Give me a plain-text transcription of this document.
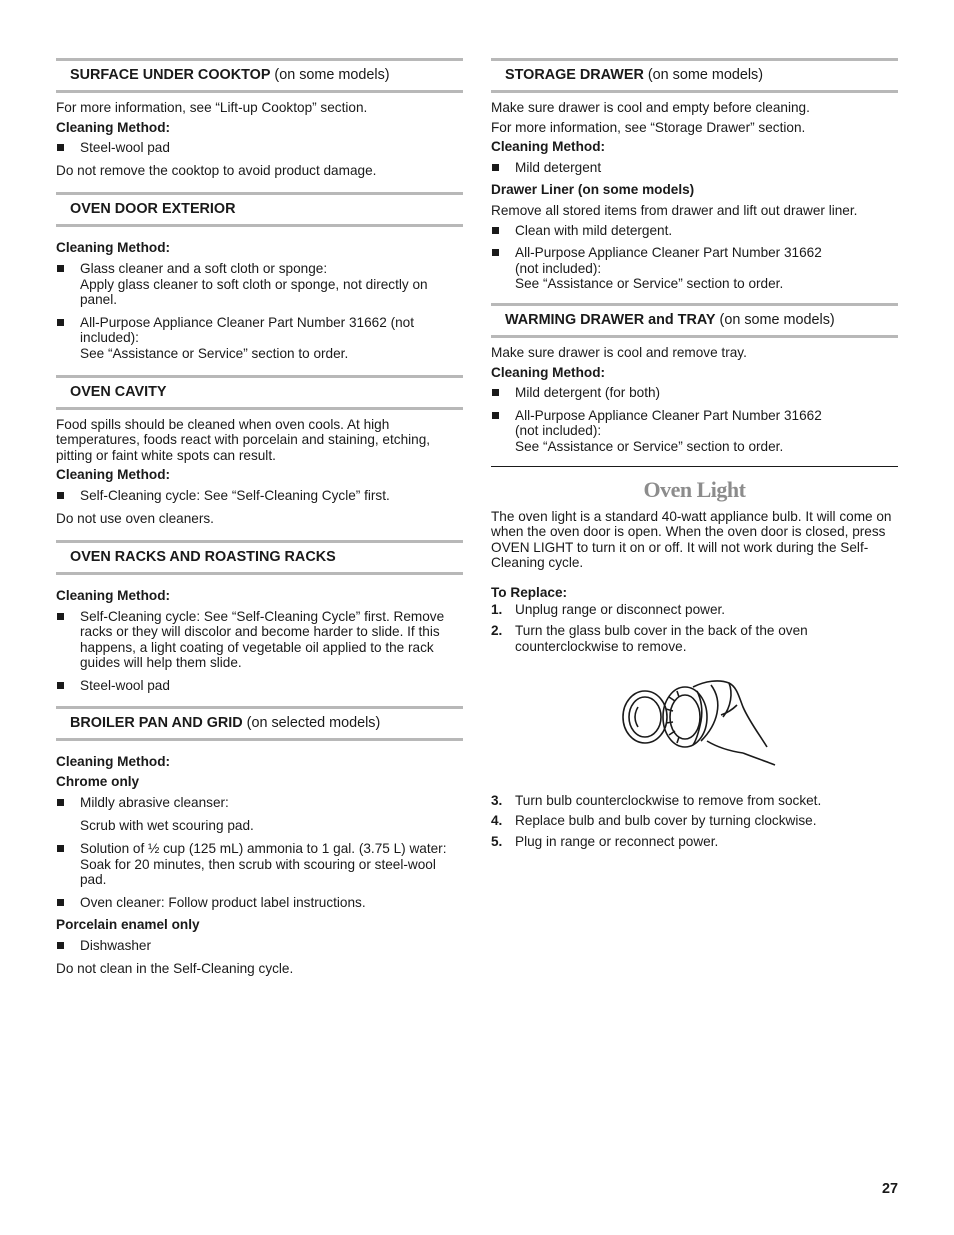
SURFACE UNDER COOKTOP (on some models)

For more information, see “Lift-up Cooktop” section.

Cleaning Method:

Steel-wool pad

Do not remove the cooktop to avoid product damage.

OVEN DOOR EXTERIOR

Cleaning Method:

Glass cleaner and a soft cloth or sponge:
Apply glass cleaner to soft cloth or sponge, not directly on panel.
All-Purpose Appliance Cleaner Part Number 31662 (not included):
See “Assistance or Service” section to order.
OVEN CAVITY

Food spills should be cleaned when oven cools. At high temperatures, foods react with porcelain and staining, etching, pitting or faint white spots can result.

Cleaning Method:

Self-Cleaning cycle: See “Self-Cleaning Cycle” first.

Do not use oven cleaners.

OVEN RACKS AND ROASTING RACKS

Cleaning Method:

Self-Cleaning cycle: See “Self-Cleaning Cycle” first. Remove racks or they will discolor and become harder to slide. If this happens, a light coating of vegetable oil applied to the rack guides will help them slide.
Steel-wool pad
BROILER PAN AND GRID (on selected models)

Cleaning Method:

Chrome only

Mildly abrasive cleanser:
Scrub with wet scouring pad.
Solution of ½ cup (125 mL) ammonia to 1 gal. (3.75 L) water: Soak for 20 minutes, then scrub with scouring or steel-wool pad.
Oven cleaner: Follow product label instructions.

Porcelain enamel only

Dishwasher

Do not clean in the Self-Cleaning cycle.

STORAGE DRAWER (on some models)

Make sure drawer is cool and empty before cleaning.

For more information, see “Storage Drawer” section.

Cleaning Method:

Mild detergent

Drawer Liner (on some models)

Remove all stored items from drawer and lift out drawer liner.

Clean with mild detergent.
All-Purpose Appliance Cleaner Part Number 31662
(not included):
See “Assistance or Service” section to order.
WARMING DRAWER and TRAY (on some models)

Make sure drawer is cool and remove tray.

Cleaning Method:

Mild detergent (for both)
All-Purpose Appliance Cleaner Part Number 31662
(not included):
See “Assistance or Service” section to order.
Oven Light

The oven light is a standard 40-watt appliance bulb. It will come on when the oven door is open. When the oven door is closed, press OVEN LIGHT to turn it on or off. It will not work during the Self-Cleaning cycle.

To Replace:

1. Unplug range or disconnect power.
2. Turn the glass bulb cover in the back of the oven counterclockwise to remove.
3. Turn bulb counterclockwise to remove from socket.
4. Replace bulb and bulb cover by turning clockwise.
5. Plug in range or reconnect power.
27
